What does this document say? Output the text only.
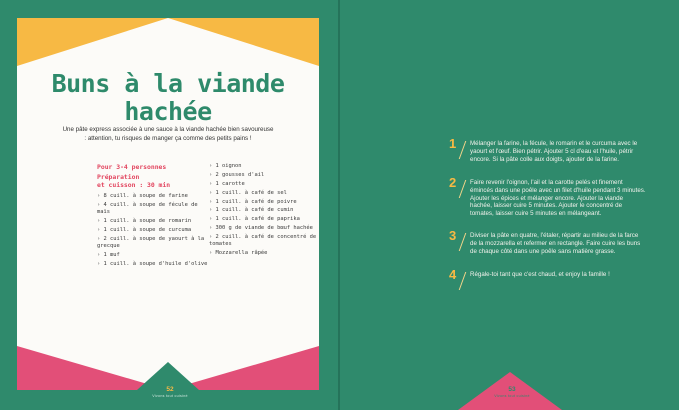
Buns à la viande
hachée
Une pâte express associée à une sauce à la viande hachée bien savoureuse : attention, tu risques de manger ça comme des petits pains !
Pour 3-4 personnes
Préparation
et cuisson : 30 min
› 8 cuill. à soupe de farine
› 4 cuill. à soupe de fécule de maïs
› 1 cuill. à soupe de romarin
› 1 cuill. à soupe de curcuma
› 2 cuill. à soupe de yaourt à la grecque
› 1 œuf
› 1 cuill. à soupe d'huile d'olive
› 1 oignon
› 2 gousses d'ail
› 1 carotte
› 1 cuill. à café de sel
› 1 cuill. à café de poivre
› 1 cuill. à café de cumin
› 1 cuill. à café de paprika
› 300 g de viande de bœuf hachée
› 2 cuill. à café de concentré de tomates
› Mozzarella râpée
52
Vivons tout cuisiné
53
Vivons tout cuisiné
1 Mélanger la farine, la fécule, le romarin et le curcuma avec le yaourt et l'œuf. Bien pétrir. Ajouter 5 cl d'eau et l'huile, pétrir encore. Si la pâte colle aux doigts, ajouter de la farine.
2 Faire revenir l'oignon, l'ail et la carotte pelés et finement émincés dans une poêle avec un filet d'huile pendant 3 minutes. Ajouter les épices et mélanger encore. Ajouter la viande hachée, laisser cuire 5 minutes. Ajouter le concentré de tomates, laisser cuire 5 minutes en mélangeant.
3 Diviser la pâte en quatre, l'étaler, répartir au milieu de la farce de la mozzarella et refermer en rectangle. Faire cuire les buns de chaque côté dans une poêle sans matière grasse.
4 Régale-toi tant que c'est chaud, et enjoy la famille !
